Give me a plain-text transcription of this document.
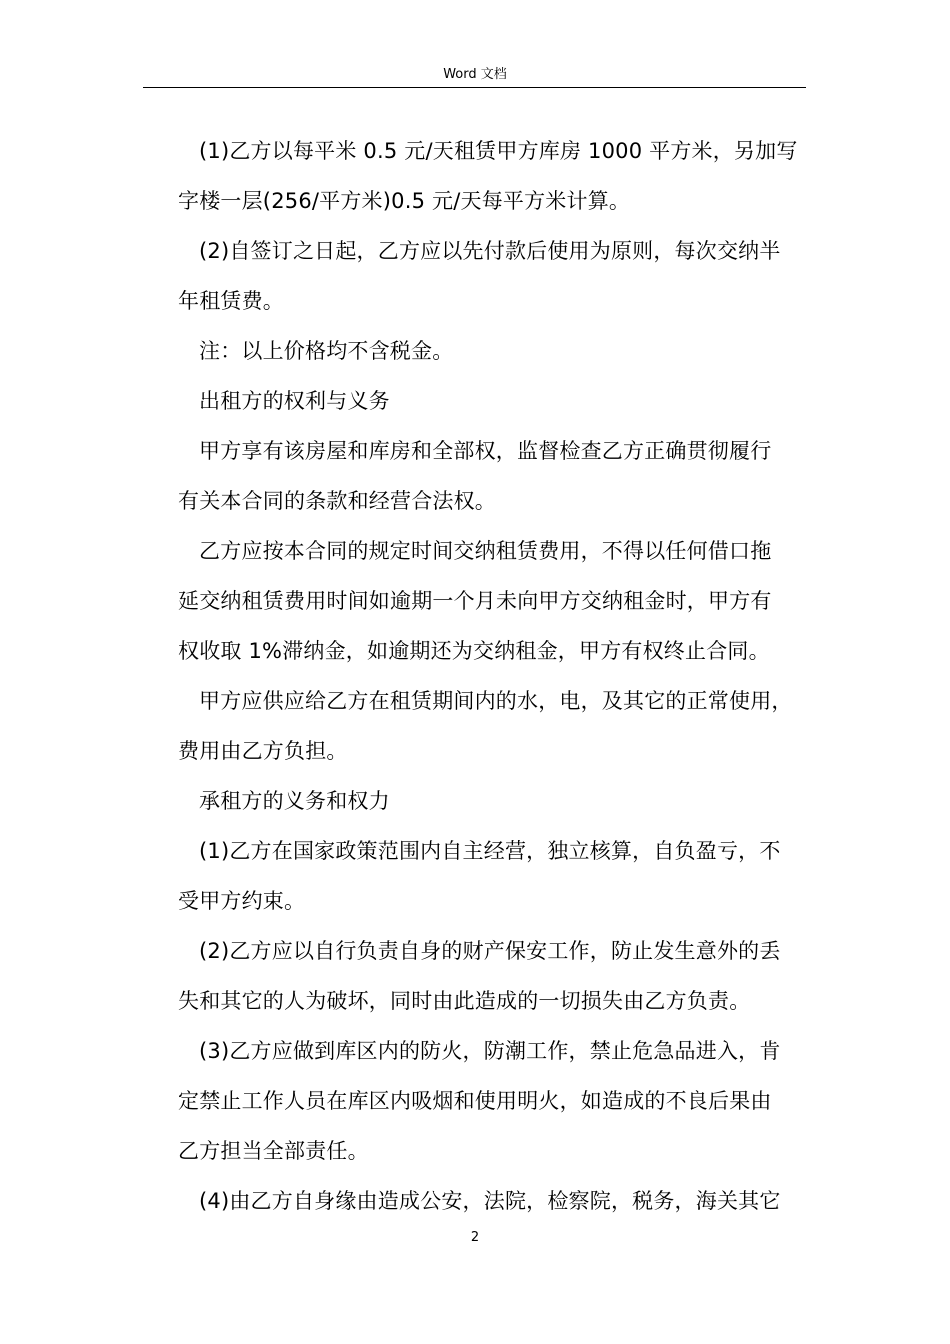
Word 文档

(1)乙方以每平米 0.5 元/天租赁甲方库房 1000 平方米，另加写
字楼一层(256/平方米)0.5 元/天每平方米计算。

(2)自签订之日起，乙方应以先付款后使用为原则，每次交纳半
年租赁费。

注：以上价格均不含税金。

出租方的权利与义务

甲方享有该房屋和库房和全部权，监督检查乙方正确贯彻履行
有关本合同的条款和经营合法权。

乙方应按本合同的规定时间交纳租赁费用，不得以任何借口拖
延交纳租赁费用时间如逾期一个月未向甲方交纳租金时，甲方有
权收取 1%滞纳金，如逾期还为交纳租金，甲方有权终止合同。

甲方应供应给乙方在租赁期间内的水，电，及其它的正常使用，
费用由乙方负担。

承租方的义务和权力

(1)乙方在国家政策范围内自主经营，独立核算，自负盈亏，不
受甲方约束。

(2)乙方应以自行负责自身的财产保安工作，防止发生意外的丢
失和其它的人为破坏，同时由此造成的一切损失由乙方负责。

(3)乙方应做到库区内的防火，防潮工作，禁止危急品进入，肯
定禁止工作人员在库区内吸烟和使用明火，如造成的不良后果由
乙方担当全部责任。

(4)由乙方自身缘由造成公安，法院，检察院，税务，海关其它

2
